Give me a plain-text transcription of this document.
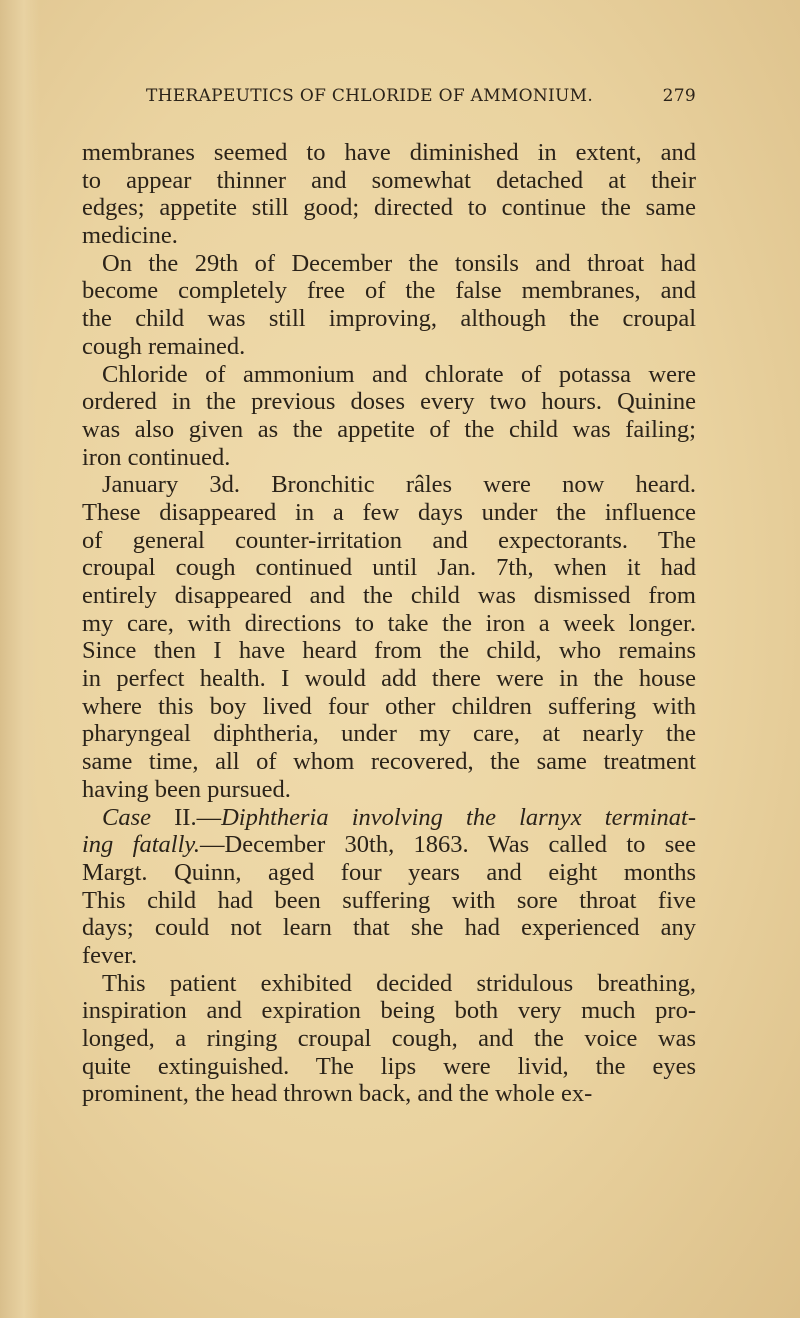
THERAPEUTICS OF CHLORIDE OF AMMONIUM.	279
membranes seemed to have diminished in extent, and
to appear thinner and somewhat detached at their
edges; appetite still good; directed to continue the same
medicine.
On the 29th of December the tonsils and throat had
become completely free of the false membranes, and
the child was still improving, although the croupal
cough remained.
Chloride of ammonium and chlorate of potassa were
ordered in the previous doses every two hours. Quinine
was also given as the appetite of the child was failing;
iron continued.
January 3d. Bronchitic râles were now heard.
These disappeared in a few days under the influence
of general counter-irritation and expectorants. The
croupal cough continued until Jan. 7th, when it had
entirely disappeared and the child was dismissed from
my care, with directions to take the iron a week longer.
Since then I have heard from the child, who remains
in perfect health. I would add there were in the house
where this boy lived four other children suffering with
pharyngeal diphtheria, under my care, at nearly the
same time, all of whom recovered, the same treatment
having been pursued.
Case II.—Diphtheria involving the larnyx terminat-
ing fatally.—December 30th, 1863. Was called to see
Margt. Quinn, aged four years and eight months
This child had been suffering with sore throat five
days; could not learn that she had experienced any
fever.
This patient exhibited decided stridulous breathing,
inspiration and expiration being both very much pro-
longed, a ringing croupal cough, and the voice was
quite extinguished. The lips were livid, the eyes
prominent, the head thrown back, and the whole ex-
